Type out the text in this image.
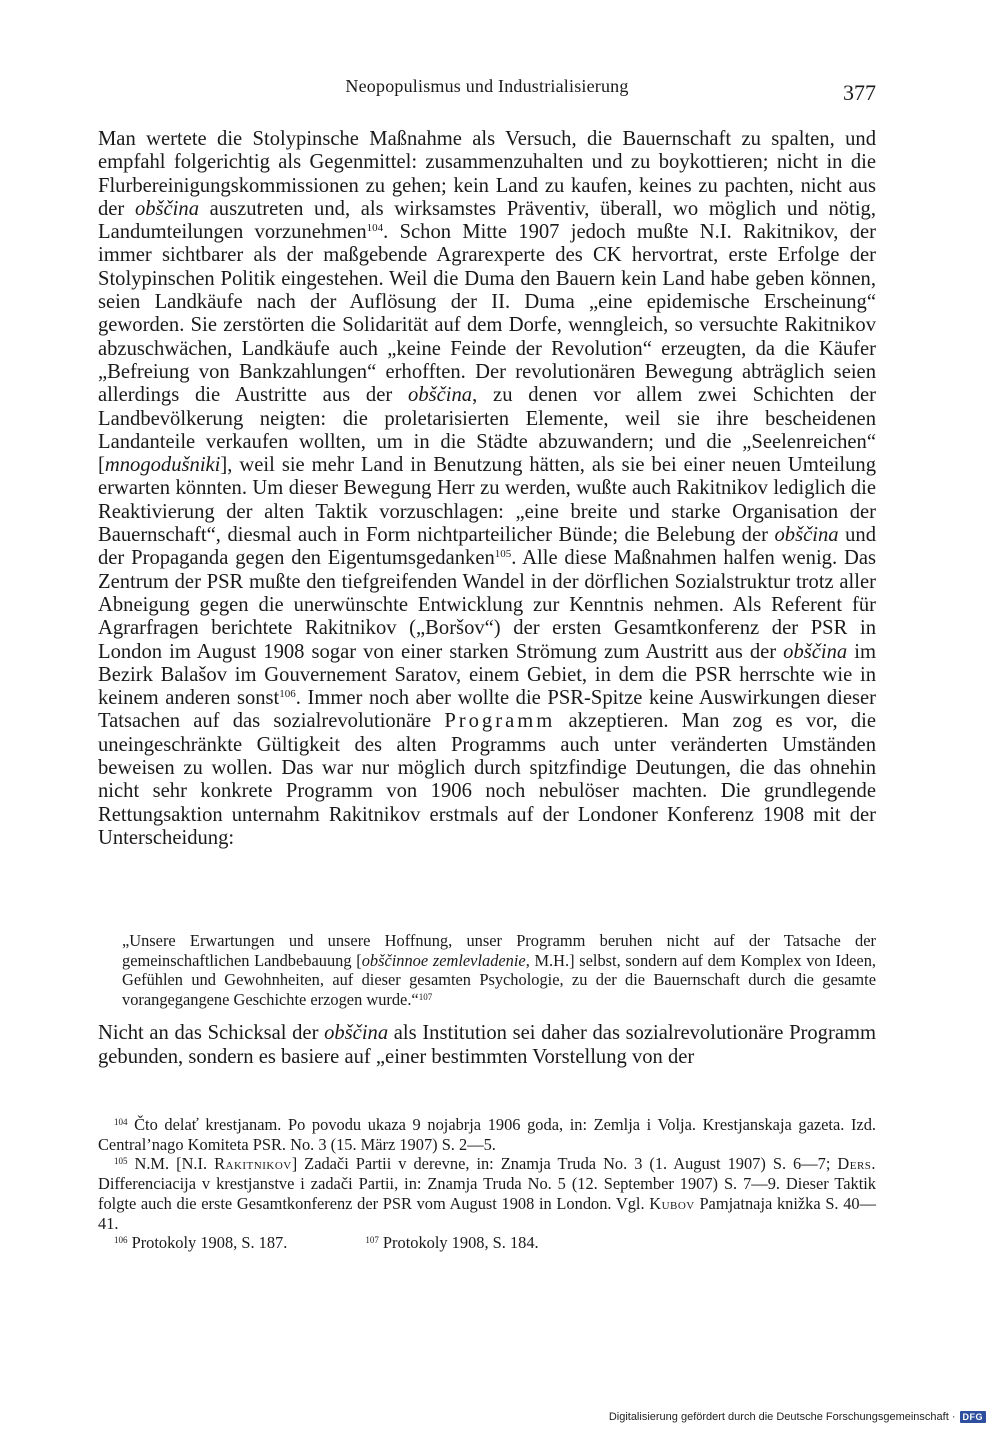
Neopopulismus und Industrialisierung	377

Man wertete die Stolypinsche Maßnahme als Versuch, die Bauernschaft zu spalten, und empfahl folgerichtig als Gegenmittel: zusammenzuhalten und zu boykottieren; nicht in die Flurbereinigungskommissionen zu gehen; kein Land zu kaufen, keines zu pachten, nicht aus der obščina auszutreten und, als wirksamstes Präventiv, überall, wo möglich und nötig, Landumteilungen vorzunehmen$^{104}$. Schon Mitte 1907 jedoch mußte N.I. Rakitnikov, der immer sichtbarer als der maßgebende Agrarexperte des CK hervortrat, erste Erfolge der Stolypinschen Politik eingestehen. Weil die Duma den Bauern kein Land habe geben können, seien Landkäufe nach der Auflösung der II. Duma „eine epidemische Erscheinung“ geworden. Sie zerstörten die Solidarität auf dem Dorfe, wenngleich, so versuchte Rakitnikov abzuschwächen, Landkäufe auch „keine Feinde der Revolution“ erzeugten, da die Käufer „Befreiung von Bankzahlungen“ erhofften. Der revolutionären Bewegung abträglich seien allerdings die Austritte aus der obščina, zu denen vor allem zwei Schichten der Landbevölkerung neigten: die proletarisierten Elemente, weil sie ihre bescheidenen Landanteile verkaufen wollten, um in die Städte abzuwandern; und die „Seelenreichen“ [mnogodušniki], weil sie mehr Land in Benutzung hätten, als sie bei einer neuen Umteilung erwarten könnten. Um dieser Bewegung Herr zu werden, wußte auch Rakitnikov lediglich die Reaktivierung der alten Taktik vorzuschlagen: „eine breite und starke Organisation der Bauernschaft“, diesmal auch in Form nichtparteilicher Bünde; die Belebung der obščina und der Propaganda gegen den Eigentumsgedanken$^{105}$. Alle diese Maßnahmen halfen wenig. Das Zentrum der PSR mußte den tiefgreifenden Wandel in der dörflichen Sozialstruktur trotz aller Abneigung gegen die unerwünschte Entwicklung zur Kenntnis nehmen. Als Referent für Agrarfragen berichtete Rakitnikov („Boršov“) der ersten Gesamtkonferenz der PSR in London im August 1908 sogar von einer starken Strömung zum Austritt aus der obščina im Bezirk Balašov im Gouvernement Saratov, einem Gebiet, in dem die PSR herrschte wie in keinem anderen sonst$^{106}$. Immer noch aber wollte die PSR-Spitze keine Auswirkungen dieser Tatsachen auf das sozialrevolutionäre Programm akzeptieren. Man zog es vor, die uneingeschränkte Gültigkeit des alten Programms auch unter veränderten Umständen beweisen zu wollen. Das war nur möglich durch spitzfindige Deutungen, die das ohnehin nicht sehr konkrete Programm von 1906 noch nebulöser machten. Die grundlegende Rettungsaktion unternahm Rakitnikov erstmals auf der Londoner Konferenz 1908 mit der Unterscheidung:

„Unsere Erwartungen und unsere Hoffnung, unser Programm beruhen nicht auf der Tatsache der gemeinschaftlichen Landbebauung [obščinnoe zemlevladenie, M.H.] selbst, sondern auf dem Komplex von Ideen, Gefühlen und Gewohnheiten, auf dieser gesamten Psychologie, zu der die Bauernschaft durch die gesamte vorangegangene Geschichte erzogen wurde.“$^{107}$
Nicht an das Schicksal der obščina als Institution sei daher das sozialrevolutionäre Programm gebunden, sondern es basiere auf „einer bestimmten Vorstellung von der

$^{104}$ Čto delať krestjanam. Po povodu ukaza 9 nojabrja 1906 goda, in: Zemlja i Volja. Krestjanskaja gazeta. Izd. Central’nago Komiteta PSR. No. 3 (15. März 1907) S. 2—5.

$^{105}$ N.M. [N.I. Rakitnikov] Zadači Partii v derevne, in: Znamja Truda No. 3 (1. August 1907) S. 6—7; Ders. Differenciacija v krestjanstve i zadači Partii, in: Znamja Truda No. 5 (12. September 1907) S. 7—9. Dieser Taktik folgte auch die erste Gesamtkonferenz der PSR vom August 1908 in London. Vgl. Kubov Pamjatnaja knižka S. 40—41.

$^{106}$ Protokoly 1908, S. 187.	$^{107}$ Protokoly 1908, S. 184.

Digitalisierung gefördert durch die Deutsche Forschungsgemeinschaft · DFG
